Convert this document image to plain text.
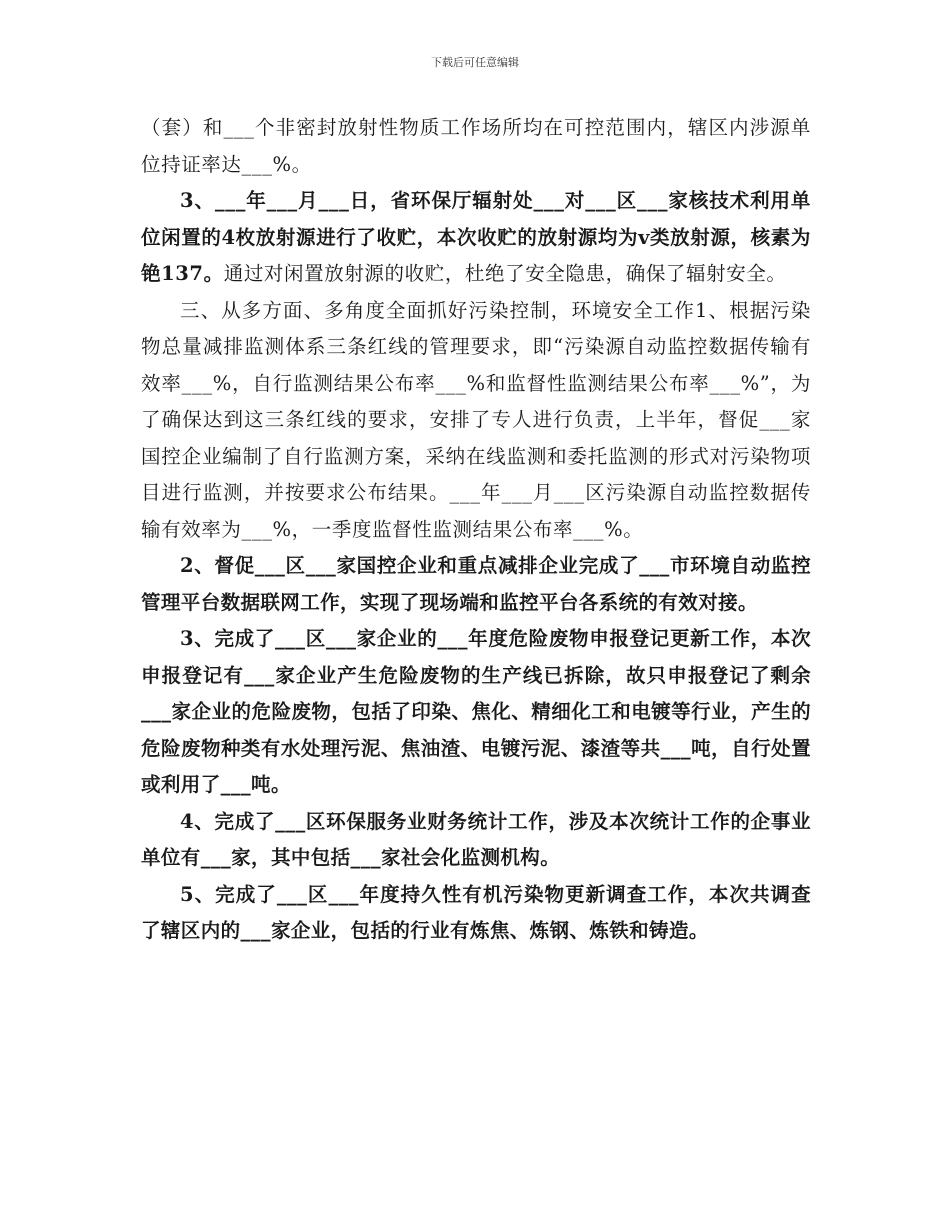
下载后可任意编辑

（套）和___个非密封放射性物质工作场所均在可控范围内，辖区内涉源单位持证率达___%。

3、___年___月___日，省环保厅辐射处___对___区___家核技术利用单位闲置的4枚放射源进行了收贮，本次收贮的放射源均为v类放射源，核素为铯137。通过对闲置放射源的收贮，杜绝了安全隐患，确保了辐射安全。

三、从多方面、多角度全面抓好污染控制，环境安全工作1、根据污染物总量减排监测体系三条红线的管理要求，即“污染源自动监控数据传输有效率___%，自行监测结果公布率___%和监督性监测结果公布率___%”，为了确保达到这三条红线的要求，安排了专人进行负责，上半年，督促___家国控企业编制了自行监测方案，采纳在线监测和委托监测的形式对污染物项目进行监测，并按要求公布结果。___年___月___区污染源自动监控数据传输有效率为___%，一季度监督性监测结果公布率___%。

2、督促___区___家国控企业和重点减排企业完成了___市环境自动监控管理平台数据联网工作，实现了现场端和监控平台各系统的有效对接。

3、完成了___区___家企业的___年度危险废物申报登记更新工作，本次申报登记有___家企业产生危险废物的生产线已拆除，故只申报登记了剩余___家企业的危险废物，包括了印染、焦化、精细化工和电镀等行业，产生的危险废物种类有水处理污泥、焦油渣、电镀污泥、漆渣等共___吨，自行处置或利用了___吨。

4、完成了___区环保服务业财务统计工作，涉及本次统计工作的企事业单位有___家，其中包括___家社会化监测机构。

5、完成了___区___年度持久性有机污染物更新调查工作，本次共调查了辖区内的___家企业，包括的行业有炼焦、炼钢、炼铁和铸造。
